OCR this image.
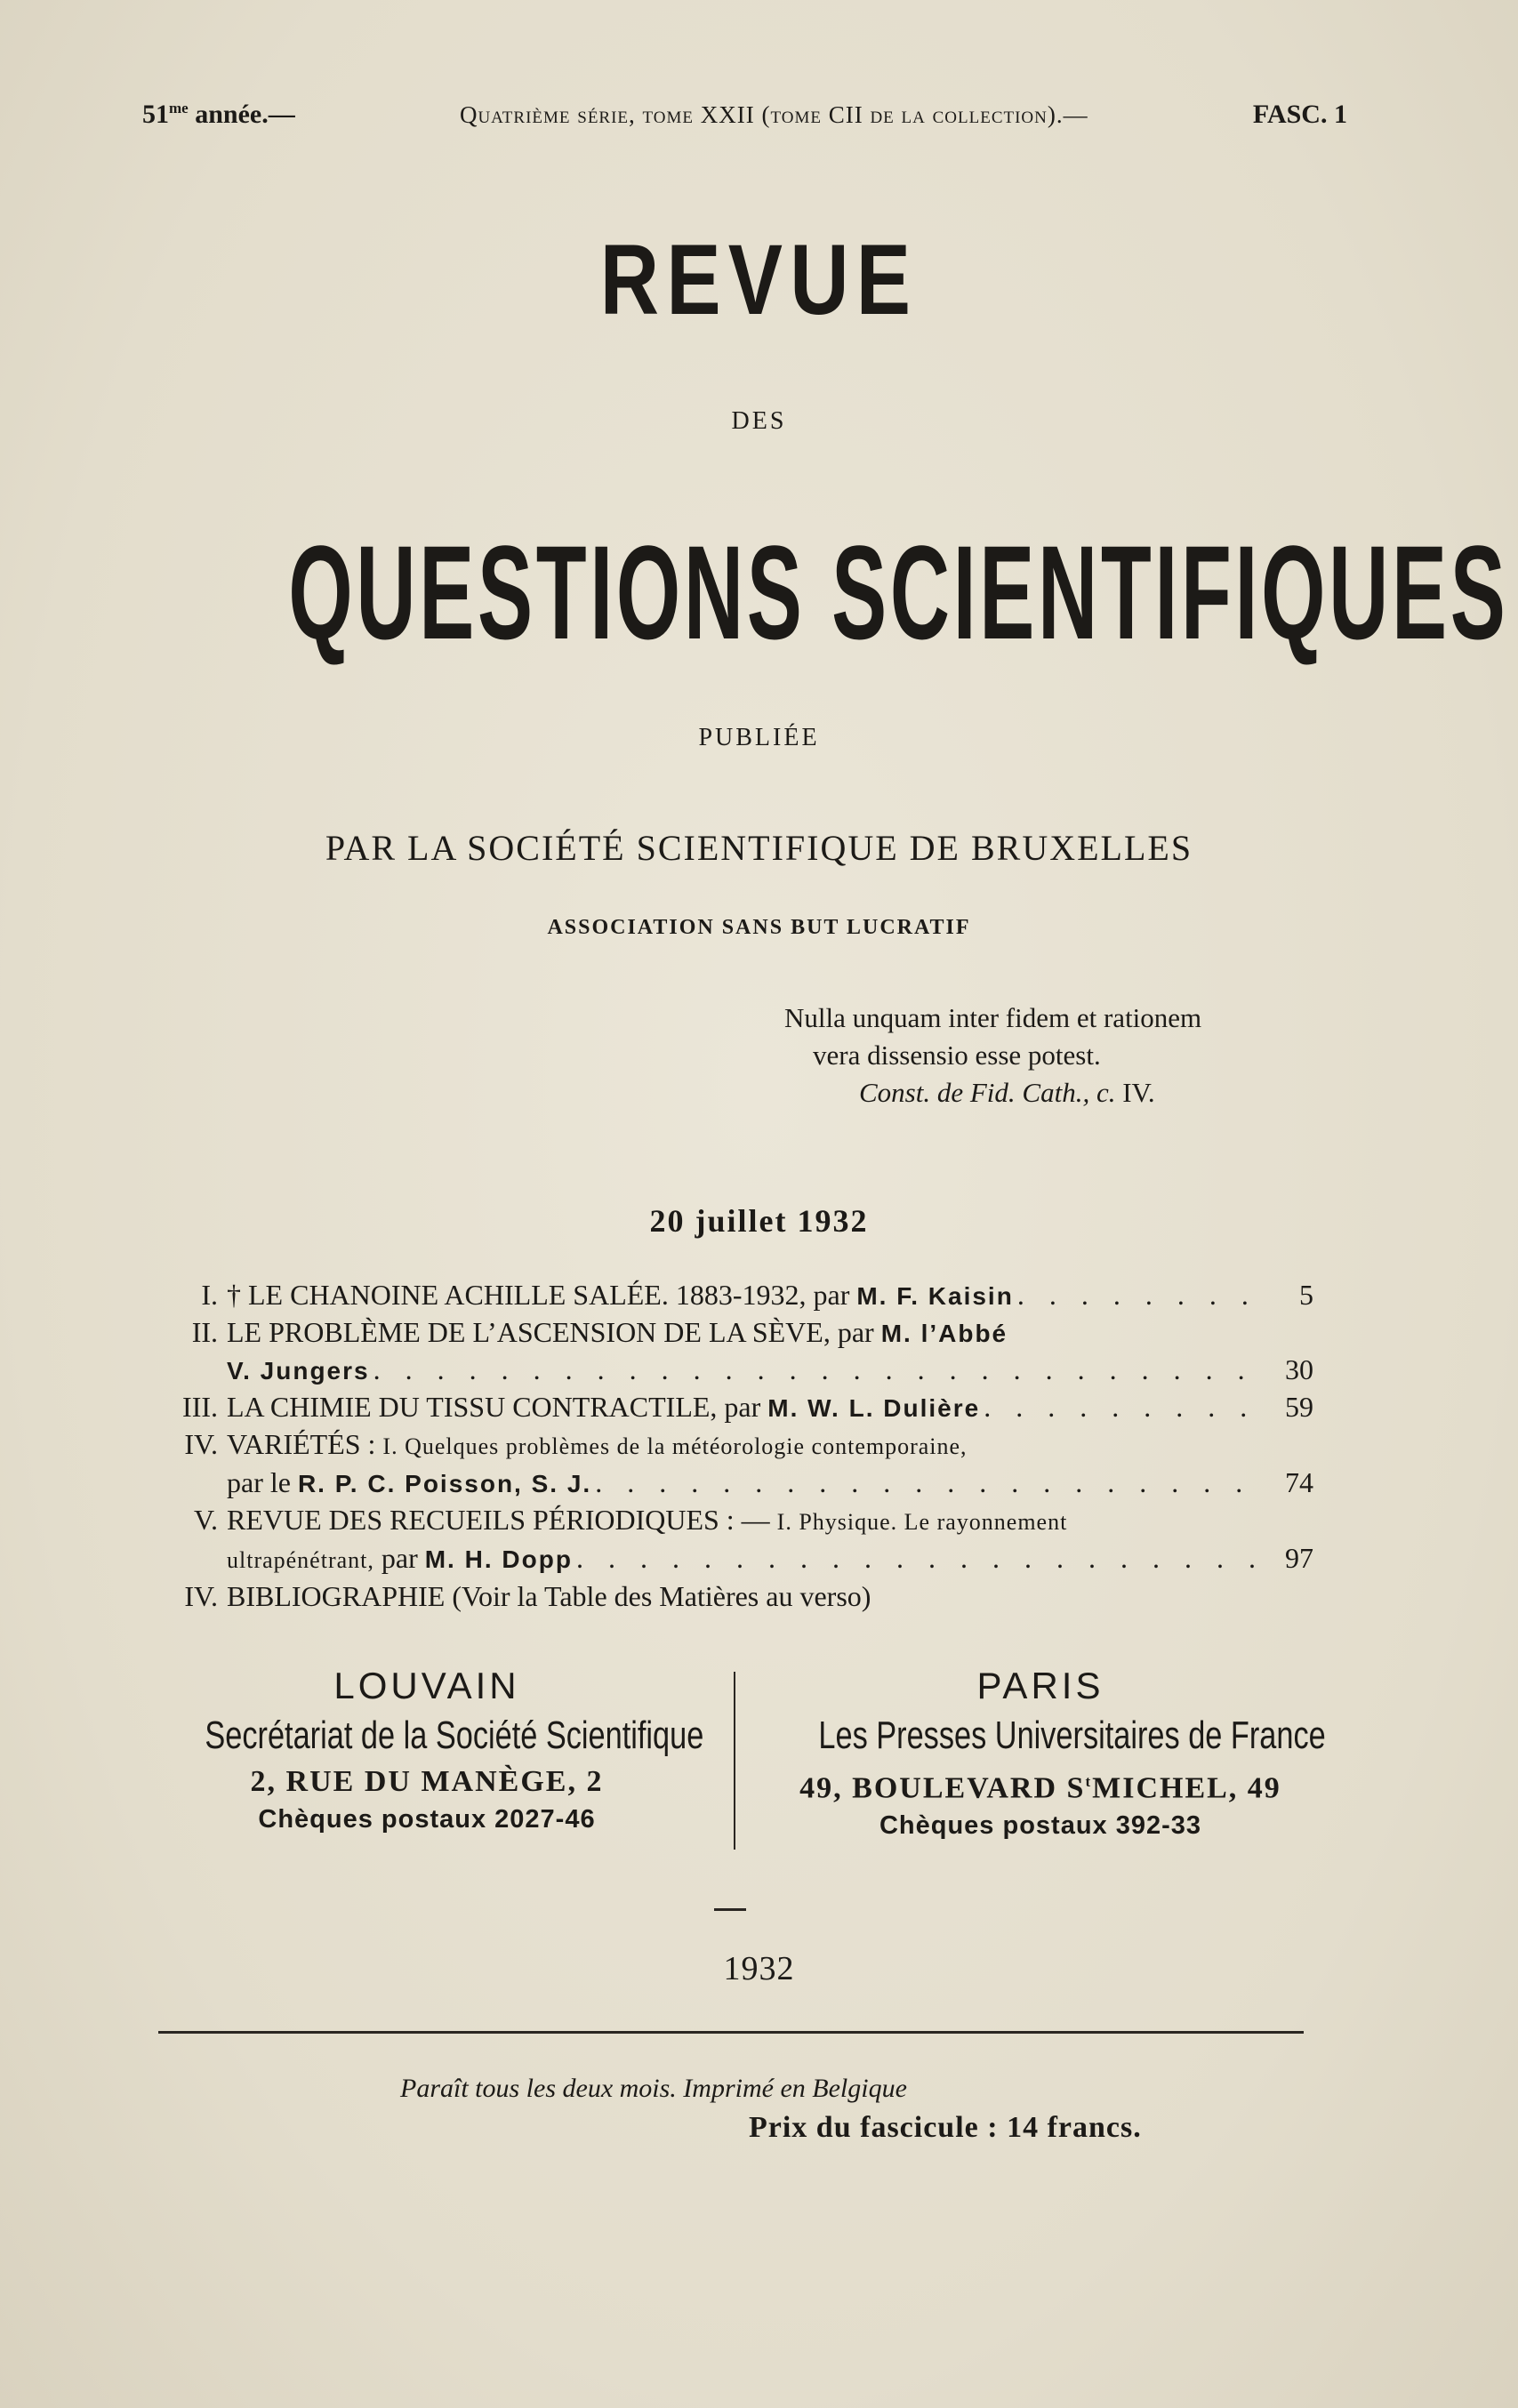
$51^{me}$ année.—	Quatrième série, tome XXII (tome CII de la collection).—	FASC. 1
REVUE
DES
QUESTIONS SCIENTIFIQUES
PUBLIÉE
PAR LA SOCIÉTÉ SCIENTIFIQUE DE BRUXELLES
ASSOCIATION SANS BUT LUCRATIF
Nulla unquam inter fidem et rationem
vera dissensio esse potest.
Const. de Fid. Cath., c. IV.
20 juillet 1932
I. † LE CHANOINE ACHILLE SALÉE. 1883-1932, par M. F. Kaisin . . .	5
II. LE PROBLÈME DE L’ASCENSION DE LA SÈVE, par M. l’Abbé
V. Jungers . . .	30
III. LA CHIMIE DU TISSU CONTRACTILE, par M. W. L. Dulière . . .	59
IV. VARIÉTÉS : I. Quelques problèmes de la météorologie contemporaine,
par le R. P. C. Poisson, S. J. . . .	74
V. REVUE DES RECUEILS PÉRIODIQUES : — I. Physique. Le rayonnement
ultrapénétrant, par M. H. Dopp . . .	97
IV. BIBLIOGRAPHIE (Voir la Table des Matières au verso)
LOUVAIN
Secrétariat de la Société Scientifique
2, RUE DU MANÈGE, 2
Chèques postaux 2027-46
PARIS
Les Presses Universitaires de France
49, BOULEVARD $S^tMICHEL$, 49
Chèques postaux 392-33
1932
Paraît tous les deux mois. Imprimé en Belgique
Prix du fascicule : 14 francs.
